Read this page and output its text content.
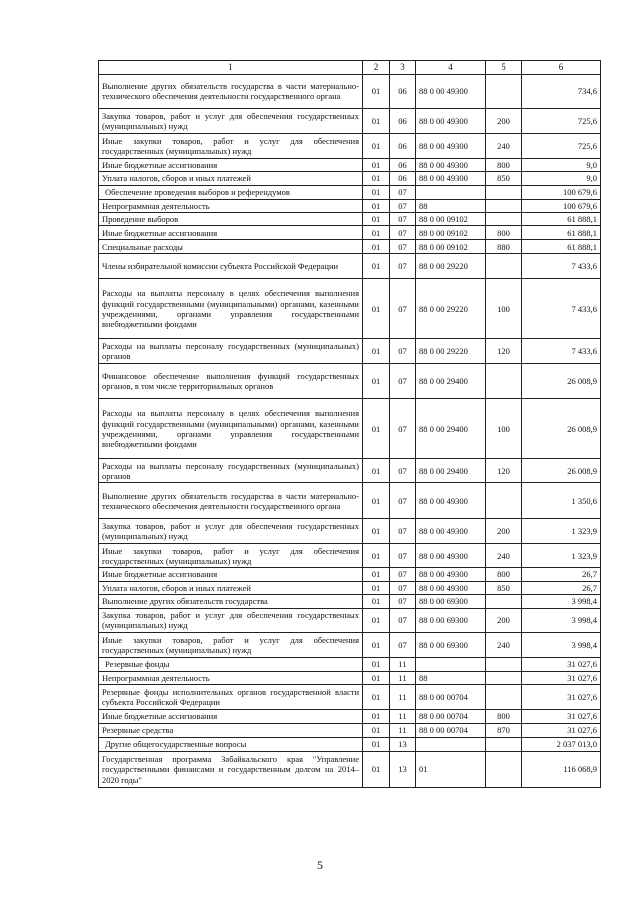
1	2	3	4	5	6
Выполнение других обязательств государства в части материально-технического обеспечения деятельности государственного органа	01	06	88 0 00 49300		734,6
Закупка товаров, работ и услуг для обеспечения государственных (муниципальных) нужд	01	06	88 0 00 49300	200	725,6
Иные закупки товаров, работ и услуг для обеспечения государственных (муниципальных) нужд	01	06	88 0 00 49300	240	725,6
Иные бюджетные ассигнования	01	06	88 0 00 49300	800	9,0
Уплата налогов, сборов и иных платежей	01	06	88 0 00 49300	850	9,0
Обеспечение проведения выборов и референдумов	01	07			100 679,6
Непрограммная деятельность	01	07	88		100 679,6
Проведение выборов	01	07	88 0 00 09102		61 888,1
Иные бюджетные ассигнования	01	07	88 0 00 09102	800	61 888,1
Специальные расходы	01	07	88 0 00 09102	880	61 888,1
Члены избирательной комиссии субъекта Российской Федерации	01	07	88 0 00 29220		7 433,6
Расходы на выплаты персоналу в целях обеспечения выполнения функций государственными (муниципальными) органами, казенными учреждениями, органами управления государственными внебюджетными фондами	01	07	88 0 00 29220	100	7 433,6
Расходы на выплаты персоналу государственных (муниципальных) органов	01	07	88 0 00 29220	120	7 433,6
Финансовое обеспечение выполнения функций государственных органов, в том числе территориальных органов	01	07	88 0 00 29400		26 008,9
Расходы на выплаты персоналу в целях обеспечения выполнения функций государственными (муниципальными) органами, казенными учреждениями, органами управления государственными внебюджетными фондами	01	07	88 0 00 29400	100	26 008,9
Расходы на выплаты персоналу государственных (муниципальных) органов	01	07	88 0 00 29400	120	26 008,9
Выполнение других обязательств государства в части материально-технического обеспечения деятельности государственного органа	01	07	88 0 00 49300		1 350,6
Закупка товаров, работ и услуг для обеспечения государственных (муниципальных) нужд	01	07	88 0 00 49300	200	1 323,9
Иные закупки товаров, работ и услуг для обеспечения государственных (муниципальных) нужд	01	07	88 0 00 49300	240	1 323,9
Иные бюджетные ассигнования	01	07	88 0 00 49300	800	26,7
Уплата налогов, сборов и иных платежей	01	07	88 0 00 49300	850	26,7
Выполнение других обязательств государства	01	07	88 0 00 69300		3 998,4
Закупка товаров, работ и услуг для обеспечения государственных (муниципальных) нужд	01	07	88 0 00 69300	200	3 998,4
Иные закупки товаров, работ и услуг для обеспечения государственных (муниципальных) нужд	01	07	88 0 00 69300	240	3 998,4
Резервные фонды	01	11			31 027,6
Непрограммная деятельность	01	11	88		31 027,6
Резервные фонды исполнительных органов государственной власти субъекта Российской Федерации	01	11	88 0 00 00704		31 027,6
Иные бюджетные ассигнования	01	11	88 0 00 00704	800	31 027,6
Резервные средства	01	11	88 0 00 00704	870	31 027,6
Другие общегосударственные вопросы	01	13			2 037 013,0
Государственная программа Забайкальского края "Управление государственными финансами и государственным долгом на 2014–2020 годы"	01	13	01		116 068,9
5
